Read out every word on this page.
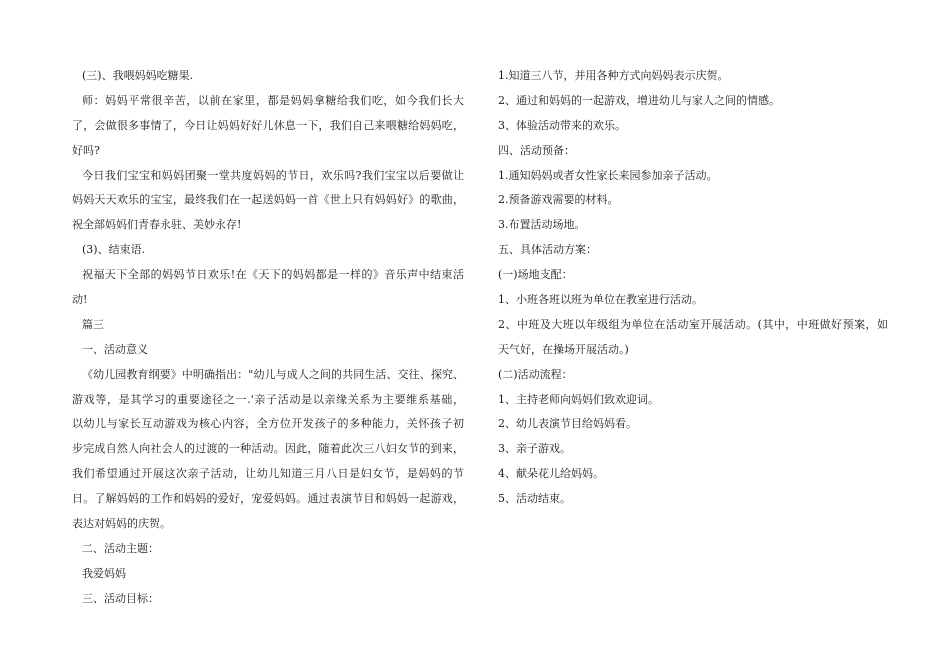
(三)、我喂妈妈吃糖果.
师：妈妈平常很辛苦，以前在家里，都是妈妈拿糖给我们吃，如今我们长大
了，会做很多事情了，今日让妈妈好好儿休息一下，我们自己来喂糖给妈妈吃，
好吗?
今日我们宝宝和妈妈团聚一堂共度妈妈的节日，欢乐吗?我们宝宝以后要做让
妈妈天天欢乐的宝宝，最终我们在一起送妈妈一首《世上只有妈妈好》的歌曲，
祝全部妈妈们青春永驻、美妙永存!
(3)、结束语.
祝福天下全部的妈妈节日欢乐!在《天下的妈妈都是一样的》音乐声中结束活
动!
篇三
一、活动意义
《幼儿园教育纲要》中明确指出："幼儿与成人之间的共同生活、交往、探究、
游戏等，是其学习的重要途径之一.'亲子活动是以亲缘关系为主要维系基础，
以幼儿与家长互动游戏为核心内容，全方位开发孩子的多种能力，关怀孩子初
步完成自然人向社会人的过渡的一种活动。因此，随着此次三八妇女节的到来，
我们希望通过开展这次亲子活动，让幼儿知道三月八日是妇女节，是妈妈的节
日。了解妈妈的工作和妈妈的爱好，宠爱妈妈。通过表演节目和妈妈一起游戏，
表达对妈妈的庆贺。
二、活动主题：
我爱妈妈
三、活动目标：
1.知道三八节，并用各种方式向妈妈表示庆贺。
2、通过和妈妈的一起游戏，增进幼儿与家人之间的情感。
3、体验活动带来的欢乐。
四、活动预备：
1.通知妈妈或者女性家长来园参加亲子活动。
2.预备游戏需要的材料。
3.布置活动场地。
五、具体活动方案：
(一)场地支配：
1、小班各班以班为单位在教室进行活动。
2、中班及大班以年级组为单位在活动室开展活动。(其中，中班做好预案，如
天气好，在操场开展活动。)
(二)活动流程：
1、主持老师向妈妈们致欢迎词。
2、幼儿表演节目给妈妈看。
3、亲子游戏。
4、献朵花儿给妈妈。
5、活动结束。
